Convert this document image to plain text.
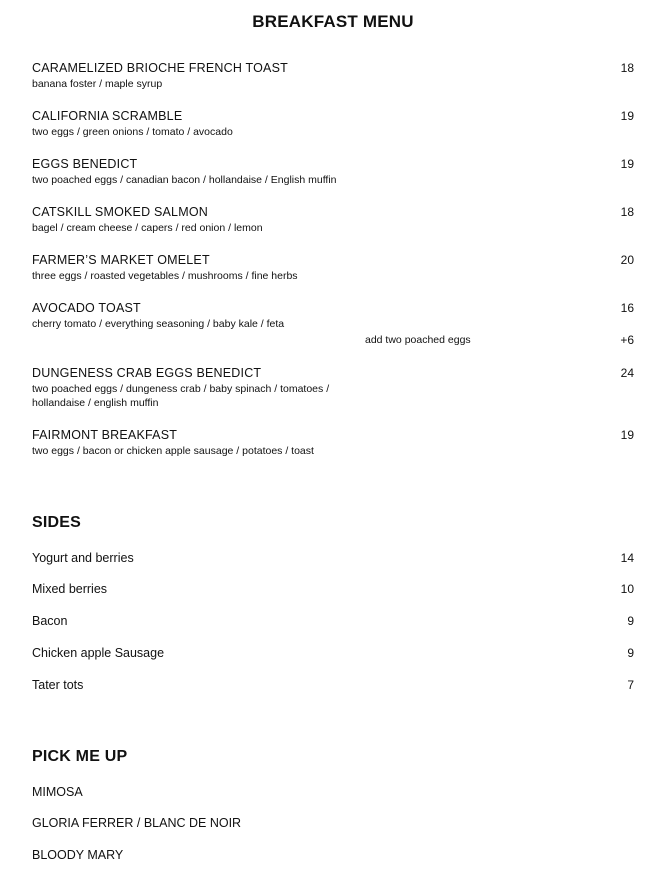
BREAKFAST MENU
CARAMELIZED BRIOCHE FRENCH TOAST
banana foster / maple syrup
18
CALIFORNIA SCRAMBLE
two eggs / green onions / tomato / avocado
19
EGGS BENEDICT
two poached eggs / canadian bacon / hollandaise / English muffin
19
CATSKILL SMOKED SALMON
bagel / cream cheese / capers / red onion / lemon
18
FARMER’S MARKET OMELET
three eggs / roasted vegetables / mushrooms / fine herbs
20
AVOCADO TOAST
cherry tomato / everything seasoning / baby kale / feta
16
add two poached eggs	+6
DUNGENESS CRAB EGGS BENEDICT
two poached eggs / dungeness crab / baby spinach / tomatoes /
hollandaise / english muffin
24
FAIRMONT BREAKFAST
two eggs / bacon or chicken apple sausage / potatoes / toast
19
SIDES
Yogurt and berries	14
Mixed berries	10
Bacon	9
Chicken apple Sausage	9
Tater tots	7
PICK ME UP
MIMOSA
GLORIA FERRER / BLANC DE NOIR
BLOODY MARY
